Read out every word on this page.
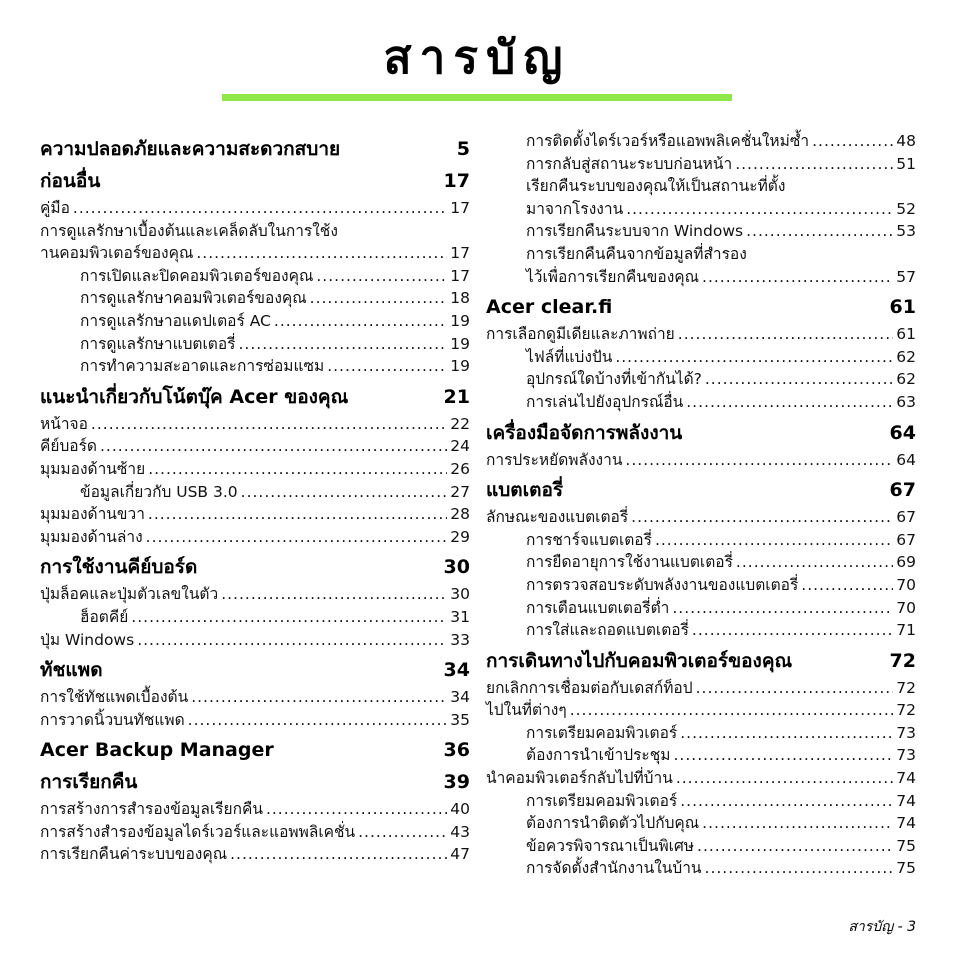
สารบัญ
ความปลอดภัยและความสะดวกสบาย	5
ก่อนอื่น	17
คู่มือ .....	17
การดูแลรักษาเบื้องต้นและเคล็ดลับในการใช้ง
านคอมพิวเตอร์ของคุณ .....	17
การเปิดและปิดคอมพิวเตอร์ของคุณ .....	17
การดูแลรักษาคอมพิวเตอร์ของคุณ .....	18
การดูแลรักษาอแดปเตอร์ AC .....	19
การดูแลรักษาแบตเตอรี่ .....	19
การทำความสะอาดและการซ่อมแซม .....	19
แนะนำเกี่ยวกับโน้ตบุ๊ค Acer ของคุณ	21
หน้าจอ .....	22
คีย์บอร์ด .....	24
มุมมองด้านซ้าย .....	26
ข้อมูลเกี่ยวกับ USB 3.0 .....	27
มุมมองด้านขวา .....	28
มุมมองด้านล่าง .....	29
การใช้งานคีย์บอร์ด	30
ปุ่มล็อคและปุ่มตัวเลขในตัว .....	30
ฮ็อตคีย์ .....	31
ปุ่ม Windows .....	33
ทัชแพด	34
การใช้ทัชแพดเบื้องต้น .....	34
การวาดนิ้วบนทัชแพด .....	35
Acer Backup Manager	36
การเรียกคืน	39
การสร้างการสำรองข้อมูลเรียกคืน .....	40
การสร้างสำรองข้อมูลไดร์เวอร์และแอพพลิเคชั่น .....	43
การเรียกคืนค่าระบบของคุณ .....	47
การติดตั้งไดร์เวอร์หรือแอพพลิเคชั่นใหม่ซ้ำ .....	48
การกลับสู่สถานะระบบก่อนหน้า .....	51
เรียกคืนระบบของคุณให้เป็นสถานะที่ตั้ง
มาจากโรงงาน .....	52
การเรียกคืนระบบจาก Windows .....	53
การเรียกคืนคืนจากข้อมูลที่สำรอง
ไว้เพื่อการเรียกคืนของคุณ .....	57
Acer clear.fi	61
การเลือกดูมีเดียและภาพถ่าย .....	61
ไฟล์ที่แบ่งปัน .....	62
อุปกรณ์ใดบ้างที่เข้ากันได้? .....	62
การเล่นไปยังอุปกรณ์อื่น .....	63
เครื่องมือจัดการพลังงาน	64
การประหยัดพลังงาน .....	64
แบตเตอรี่	67
ลักษณะของแบตเตอรี่ .....	67
การชาร์จแบตเตอรี่ .....	67
การยืดอายุการใช้งานแบตเตอรี่ .....	69
การตรวจสอบระดับพลังงานของแบตเตอรี่ .....	70
การเตือนแบตเตอรี่ต่ำ .....	70
การใส่และถอดแบตเตอรี่ .....	71
การเดินทางไปกับคอมพิวเตอร์ของคุณ	72
ยกเลิกการเชื่อมต่อกับเดสก์ท็อป .....	72
ไปในที่ต่างๆ .....	72
การเตรียมคอมพิวเตอร์ .....	73
ต้องการนำเข้าประชุม .....	73
นำคอมพิวเตอร์กลับไปที่บ้าน .....	74
การเตรียมคอมพิวเตอร์ .....	74
ต้องการนำติดตัวไปกับคุณ .....	74
ข้อควรพิจารณาเป็นพิเศษ .....	75
การจัดตั้งสำนักงานในบ้าน .....	75
สารบัญ - 3
